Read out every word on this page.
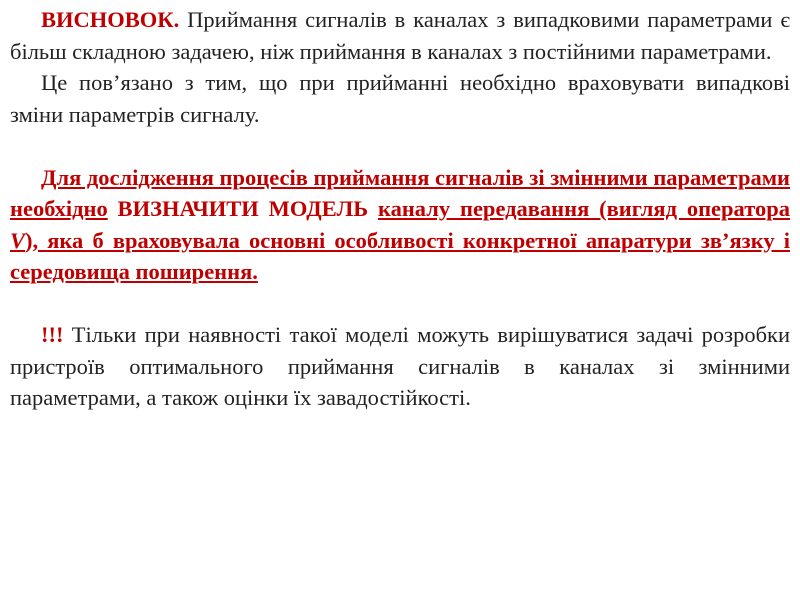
ВИСНОВОК. Приймання сигналів в каналах з випадковими параметрами є більш складною задачею, ніж приймання в каналах з постійними параметрами.

Це пов’язано з тим, що при прийманні необхідно враховувати випадкові зміни параметрів сигналу.

Для дослідження процесів приймання сигналів зі змінними параметрами необхідно ВИЗНАЧИТИ МОДЕЛЬ каналу передавання (вигляд оператора V), яка б враховувала основні особливості конкретної апаратури зв’язку і середовища поширення.

!!! Тільки при наявності такої моделі можуть вирішуватися задачі розробки пристроїв оптимального приймання сигналів в каналах зі змінними параметрами, а також оцінки їх завадостійкості.
